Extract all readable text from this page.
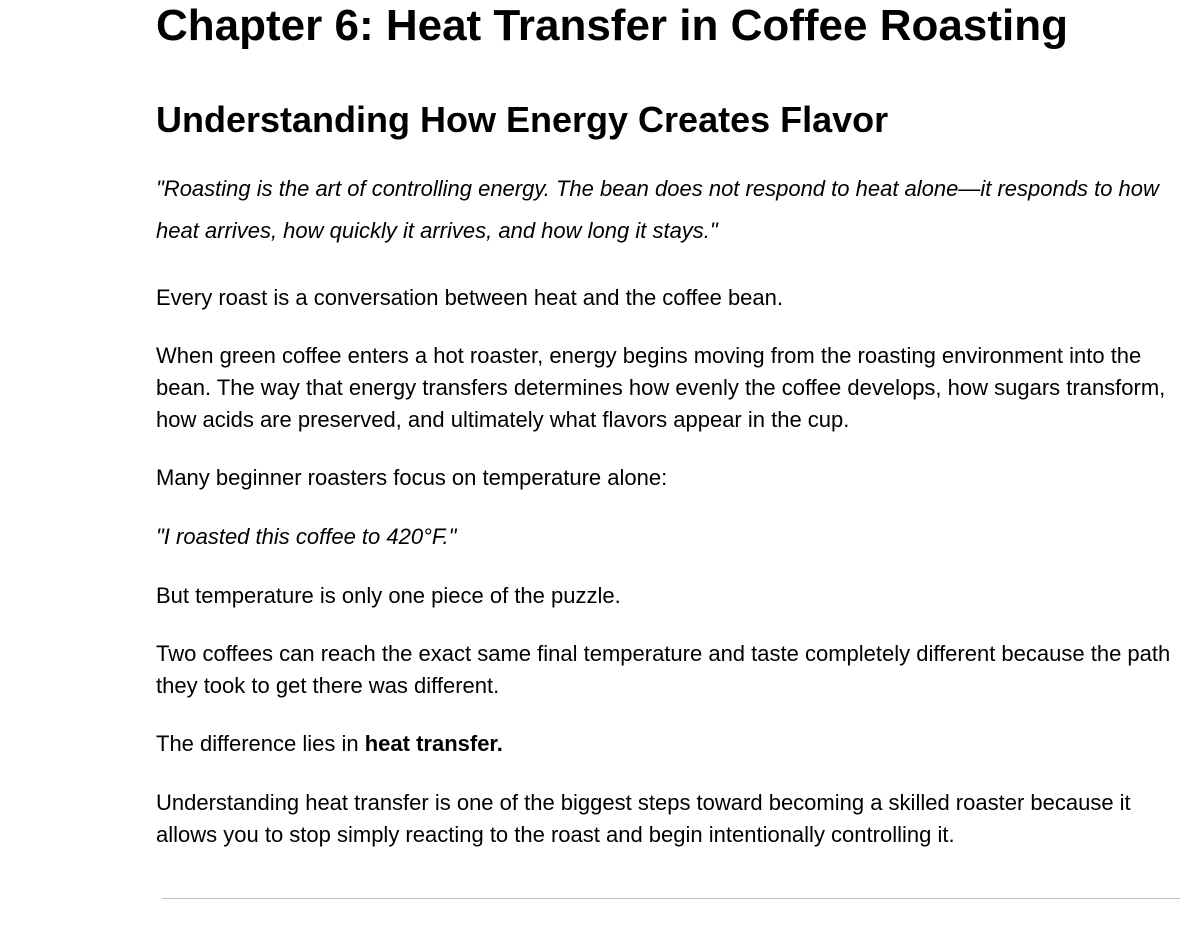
Chapter 6: Heat Transfer in Coffee Roasting
Understanding How Energy Creates Flavor

"Roasting is the art of controlling energy. The bean does not respond to heat alone—it responds to how heat arrives, how quickly it arrives, and how long it stays."

Every roast is a conversation between heat and the coffee bean.

When green coffee enters a hot roaster, energy begins moving from the roasting environment into the bean. The way that energy transfers determines how evenly the coffee develops, how sugars transform, how acids are preserved, and ultimately what flavors appear in the cup.

Many beginner roasters focus on temperature alone:

"I roasted this coffee to 420°F."

But temperature is only one piece of the puzzle.

Two coffees can reach the exact same final temperature and taste completely different because the path they took to get there was different.

The difference lies in heat transfer.

Understanding heat transfer is one of the biggest steps toward becoming a skilled roaster because it allows you to stop simply reacting to the roast and begin intentionally controlling it.
